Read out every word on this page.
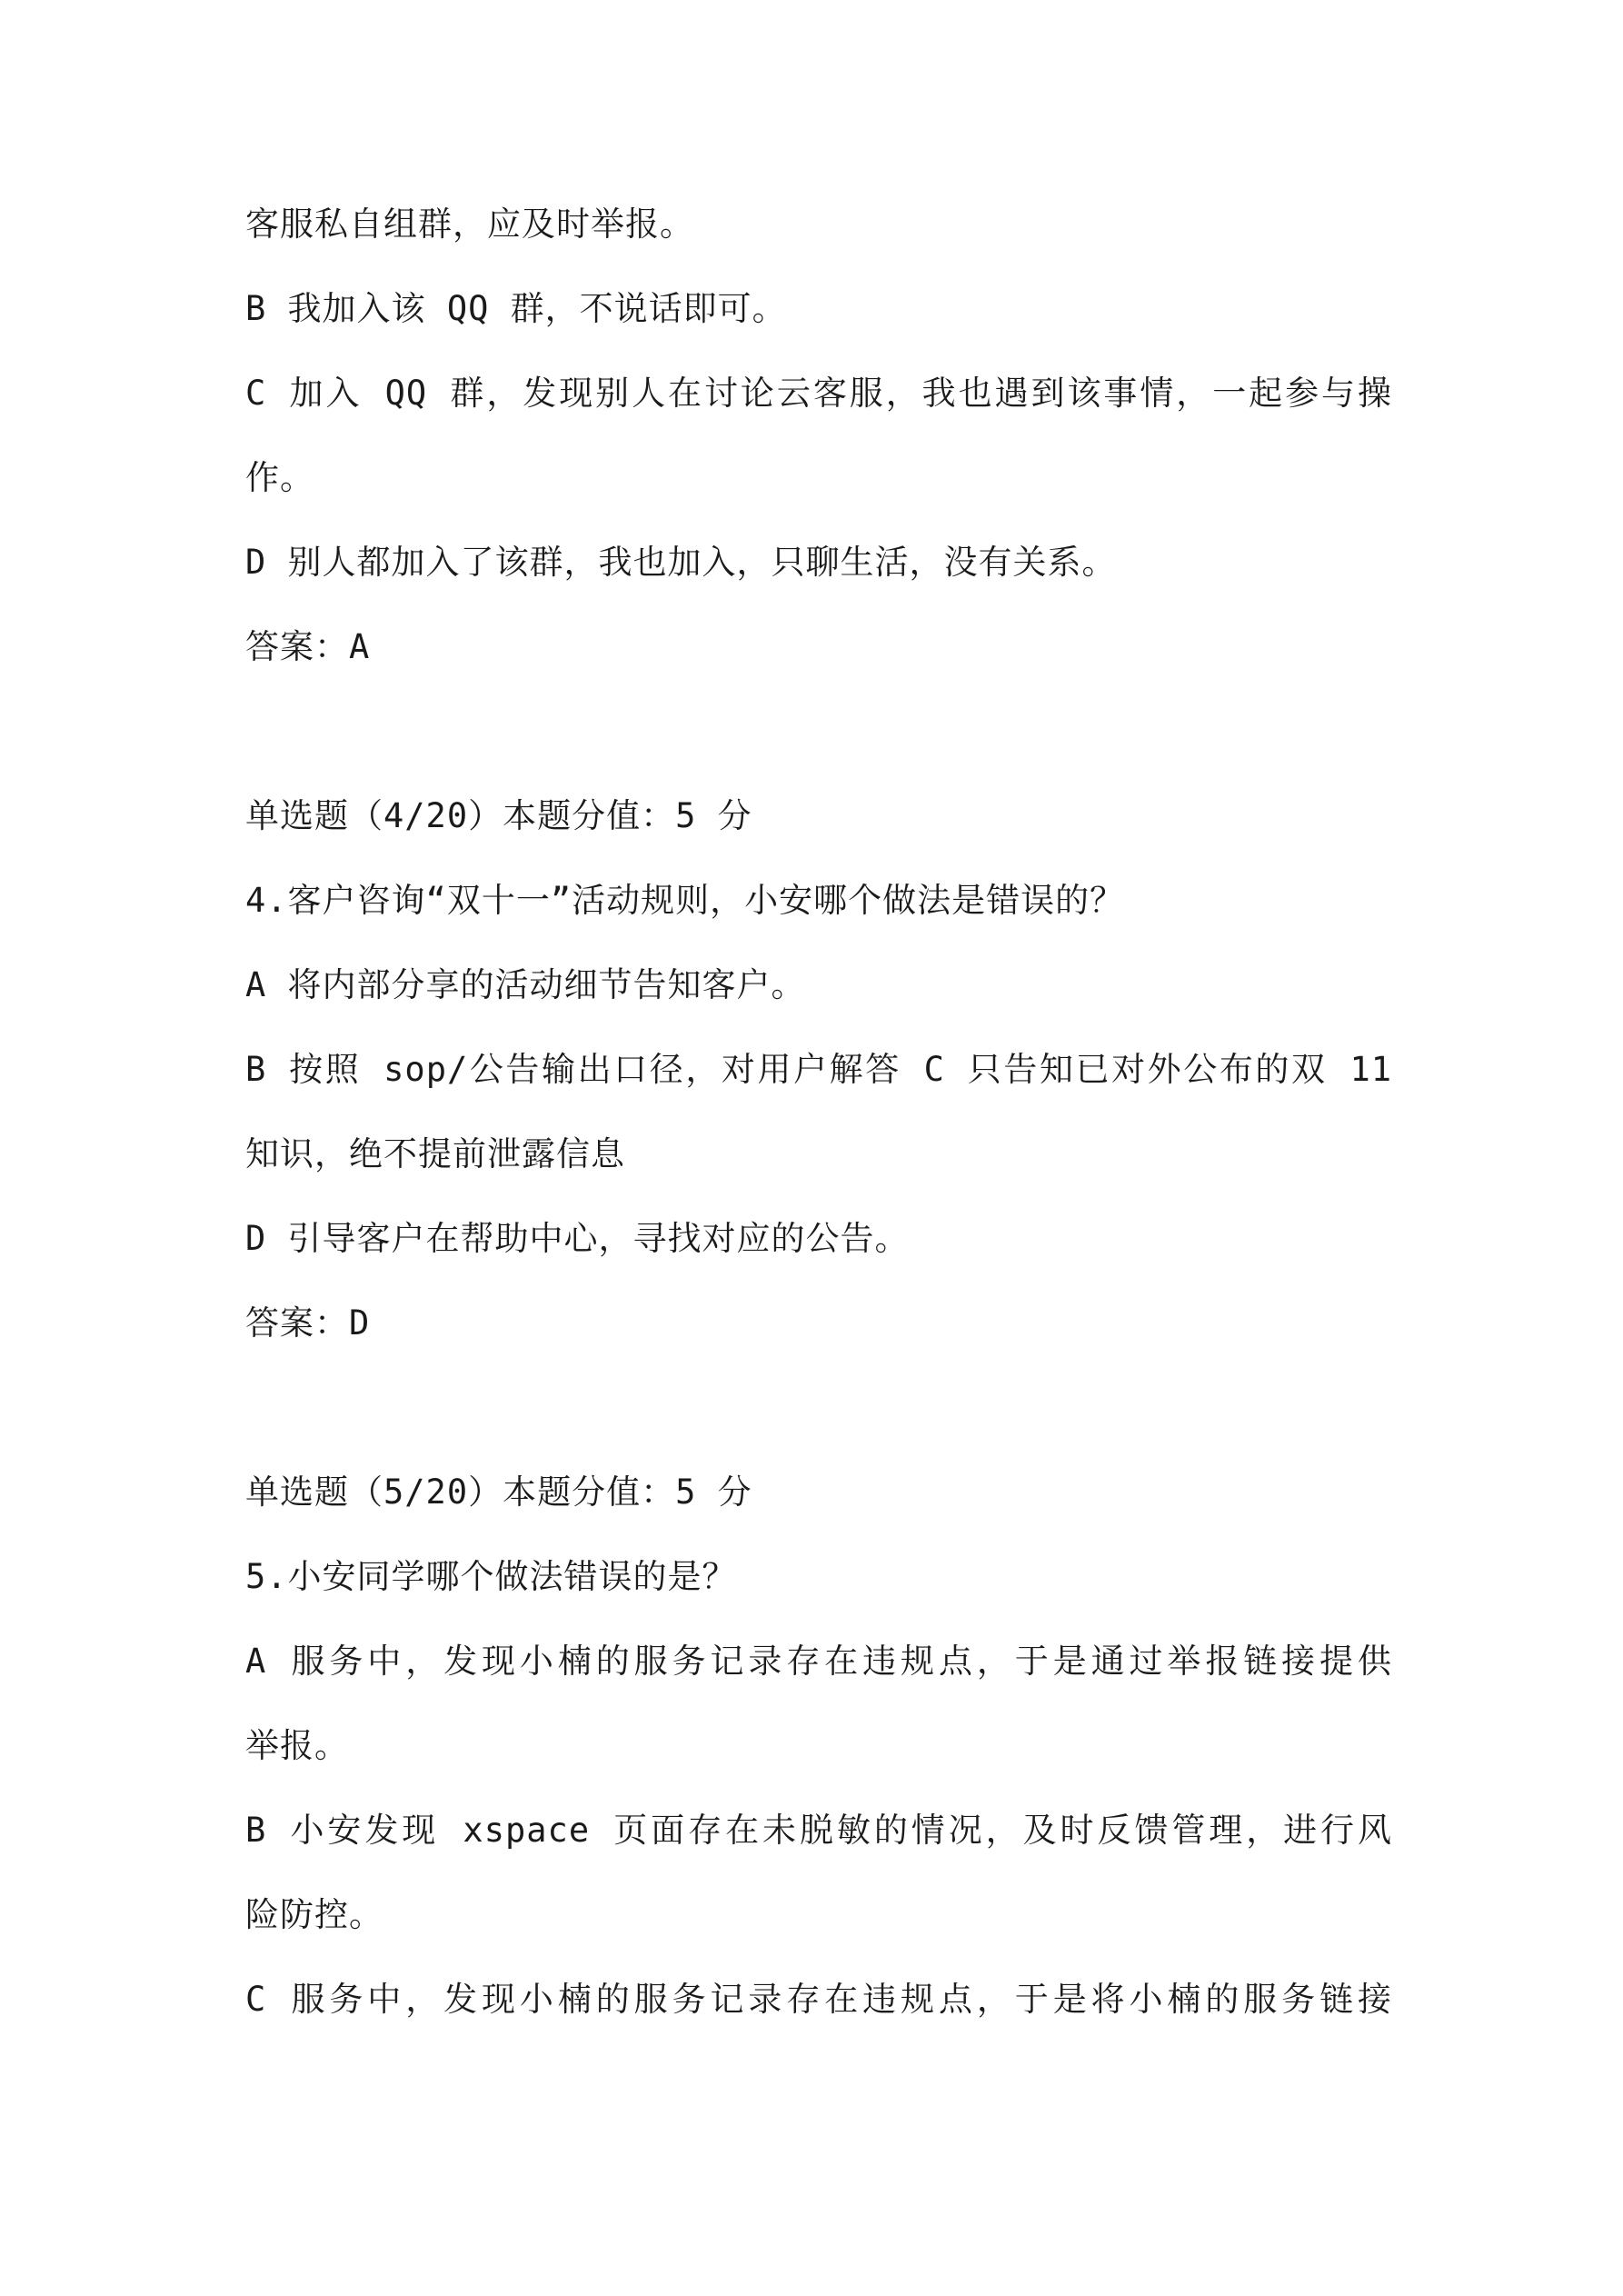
客服私自组群，应及时举报。
B 我加入该 QQ 群，不说话即可。
C 加入 QQ 群，发现别人在讨论云客服，我也遇到该事情，一起参与操
作。
D 别人都加入了该群，我也加入，只聊生活，没有关系。
答案：A
单选题（4/20）本题分值：5 分
4.客户咨询“双十一”活动规则，小安哪个做法是错误的？
A 将内部分享的活动细节告知客户。
B 按照 sop/公告输出口径，对用户解答 C 只告知已对外公布的双 11
知识，绝不提前泄露信息
D 引导客户在帮助中心，寻找对应的公告。
答案：D
单选题（5/20）本题分值：5 分
5.小安同学哪个做法错误的是？
A 服务中，发现小楠的服务记录存在违规点，于是通过举报链接提供
举报。
B 小安发现 xspace 页面存在未脱敏的情况，及时反馈管理，进行风
险防控。
C 服务中，发现小楠的服务记录存在违规点，于是将小楠的服务链接
